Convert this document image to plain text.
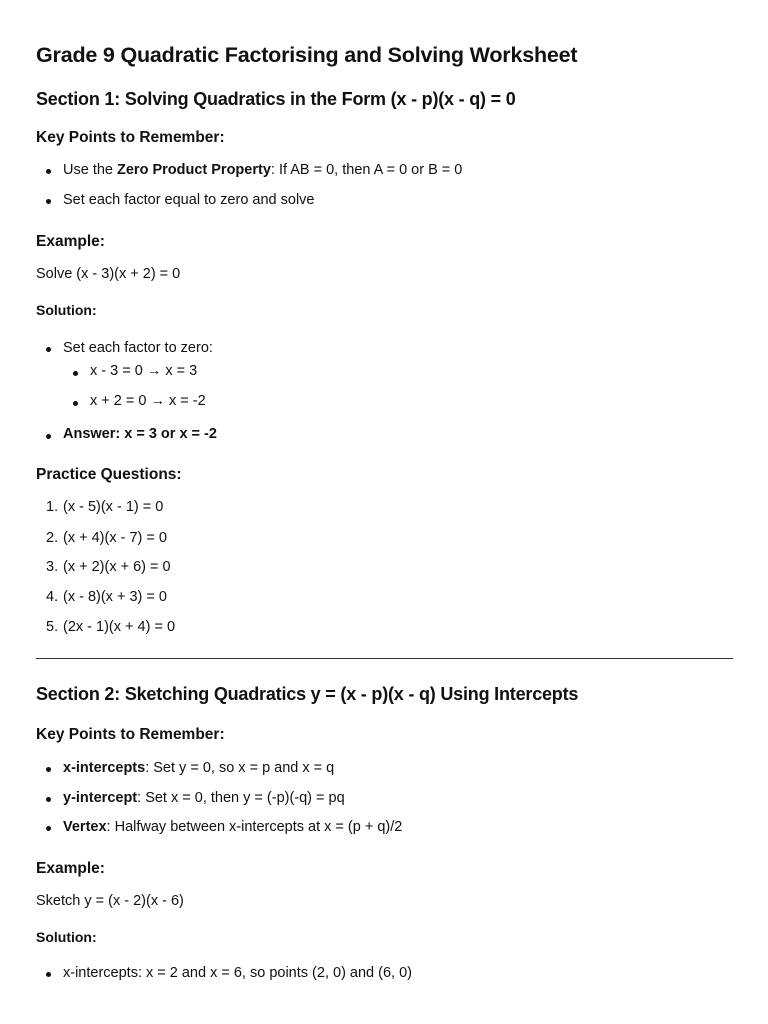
Grade 9 Quadratic Factorising and Solving Worksheet
Section 1: Solving Quadratics in the Form (x - p)(x - q) = 0
Key Points to Remember:
Use the Zero Product Property: If AB = 0, then A = 0 or B = 0
Set each factor equal to zero and solve
Example:
Solve (x - 3)(x + 2) = 0
Solution:
Set each factor to zero:
x - 3 = 0 → x = 3
x + 2 = 0 → x = -2
Answer: x = 3 or x = -2
Practice Questions:
1. (x - 5)(x - 1) = 0
2. (x + 4)(x - 7) = 0
3. (x + 2)(x + 6) = 0
4. (x - 8)(x + 3) = 0
5. (2x - 1)(x + 4) = 0
Section 2: Sketching Quadratics y = (x - p)(x - q) Using Intercepts
Key Points to Remember:
x-intercepts: Set y = 0, so x = p and x = q
y-intercept: Set x = 0, then y = (-p)(-q) = pq
Vertex: Halfway between x-intercepts at x = (p + q)/2
Example:
Sketch y = (x - 2)(x - 6)
Solution:
x-intercepts: x = 2 and x = 6, so points (2, 0) and (6, 0)
